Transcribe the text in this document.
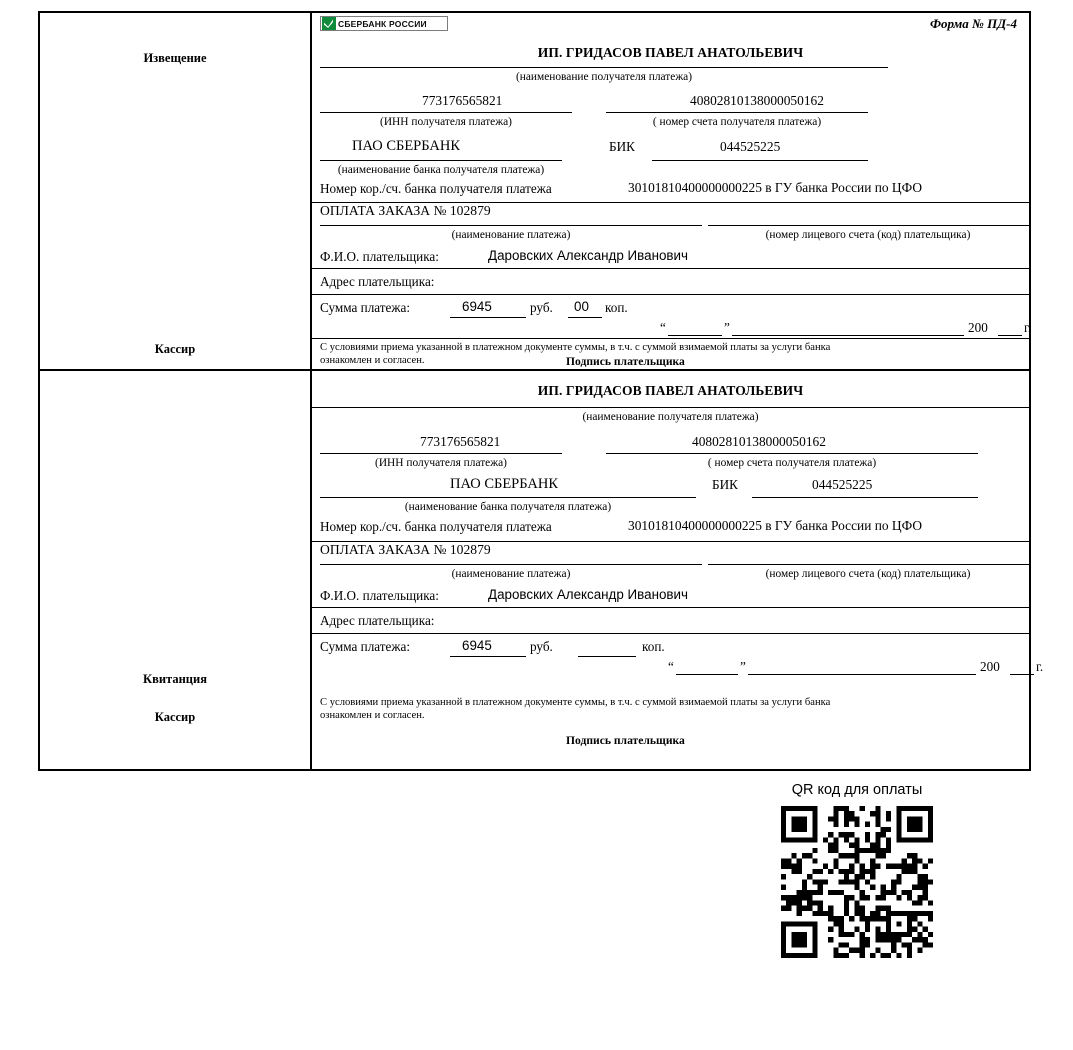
Извещение
Кассир
СБЕРБАНК РОССИИ	Форма № ПД-4
ИП. ГРИДАСОВ ПАВЕЛ АНАТОЛЬЕВИЧ
(наименование получателя платежа)
773176565821
(ИНН получателя платежа)
40802810138000050162
( номер счета получателя платежа)
ПАО СБЕРБАНК
(наименование банка получателя платежа)
БИК	044525225
Номер кор./сч. банка получателя платежа	30101810400000000225 в ГУ банка России по ЦФО
ОПЛАТА ЗАКАЗА № 102879
(наименование платежа)	(номер лицевого счета (код) плательщика)
Ф.И.О. плательщика:	Даровских Александр Иванович
Адрес плательщика:
Сумма платежа:	6945	руб. 00 коп.
“	”	200	г.
С условиями приема указанной в платежном документе суммы, в т.ч. с суммой взимаемой платы за услуги банка
ознакомлен и согласен.	Подпись плательщика
Квитанция
Кассир
ИП. ГРИДАСОВ ПАВЕЛ АНАТОЛЬЕВИЧ
(наименование получателя платежа)
773176565821
(ИНН получателя платежа)
40802810138000050162
( номер счета получателя платежа)
ПАО СБЕРБАНК
(наименование банка получателя платежа)
БИК	044525225
Номер кор./сч. банка получателя платежа	30101810400000000225 в ГУ банка России по ЦФО
ОПЛАТА ЗАКАЗА № 102879
(наименование платежа)	(номер лицевого счета (код) плательщика)
Ф.И.О. плательщика:	Даровских Александр Иванович
Адрес плательщика:
Сумма платежа:	6945	руб.	коп.
“	”	200	г.
С условиями приема указанной в платежном документе суммы, в т.ч. с суммой взимаемой платы за услуги банка
ознакомлен и согласен.
Подпись плательщика
QR код для оплаты
